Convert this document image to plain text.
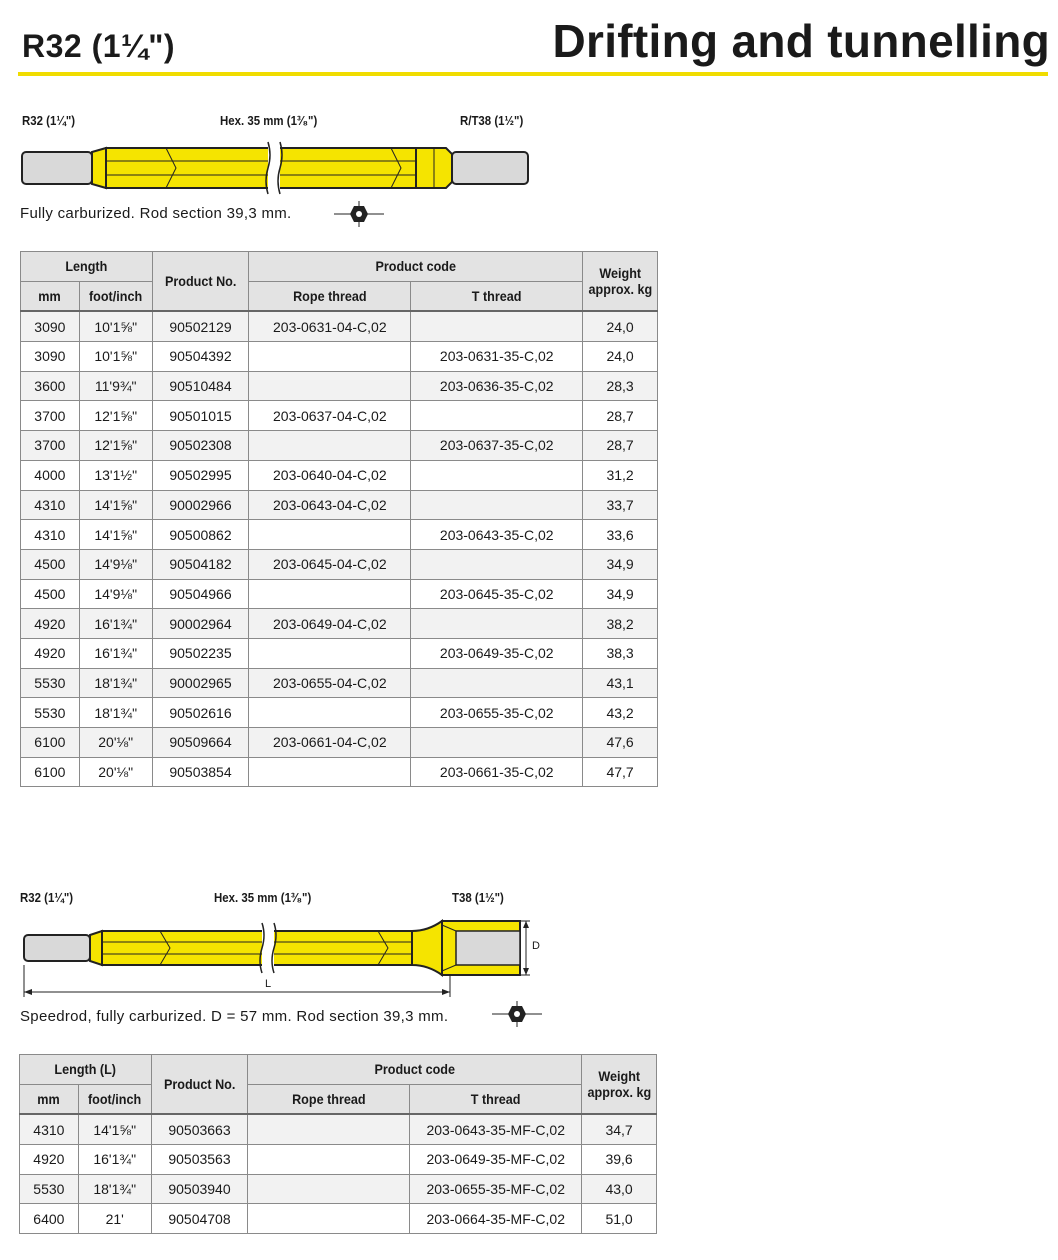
R32 (1¼")	Drifting and tunnelling
R32 (1¼")	Hex. 35 mm (1³⁄₈")	R/T38 (1½")
Fully carburized. Rod section 39,3 mm.
Length		Product No.	Product code		Weight
approx. kg
mm	foot/inch		Rope thread	T thread	
3090	10'1⅝"	90502129	203-0631-04-C,02		24,0
3090	10'1⅝"	90504392		203-0631-35-C,02	24,0
3600	11'9¾"	90510484		203-0636-35-C,02	28,3
3700	12'1⅝"	90501015	203-0637-04-C,02		28,7
3700	12'1⅝"	90502308		203-0637-35-C,02	28,7
4000	13'1½"	90502995	203-0640-04-C,02		31,2
4310	14'1⅝"	90002966	203-0643-04-C,02		33,7
4310	14'1⅝"	90500862		203-0643-35-C,02	33,6
4500	14'9⅛"	90504182	203-0645-04-C,02		34,9
4500	14'9⅛"	90504966		203-0645-35-C,02	34,9
4920	16'1¾"	90002964	203-0649-04-C,02		38,2
4920	16'1¾"	90502235		203-0649-35-C,02	38,3
5530	18'1¾"	90002965	203-0655-04-C,02		43,1
5530	18'1¾"	90502616		203-0655-35-C,02	43,2
6100	20'⅛"	90509664	203-0661-04-C,02		47,6
6100	20'⅛"	90503854		203-0661-35-C,02	47,7
R32 (1¼")	Hex. 35 mm (1³⁄₈")	T38 (1½")
D
L
Speedrod, fully carburized. D = 57 mm. Rod section 39,3 mm.
Length (L)		Product No.	Product code		Weight
approx. kg
mm	foot/inch		Rope thread	T thread	
4310	14'1⅝"	90503663		203-0643-35-MF-C,02	34,7
4920	16'1¾"	90503563		203-0649-35-MF-C,02	39,6
5530	18'1¾"	90503940		203-0655-35-MF-C,02	43,0
6400	21'	90504708		203-0664-35-MF-C,02	51,0
